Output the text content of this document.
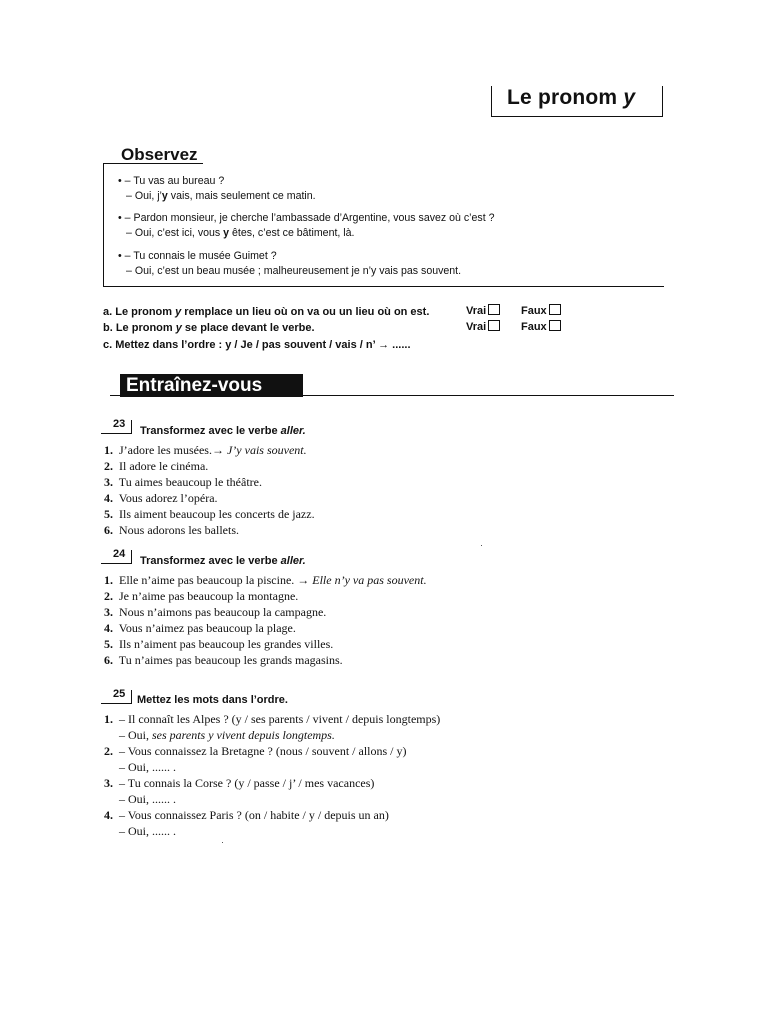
Le pronom y
Observez
• – Tu vas au bureau ?
– Oui, j’y vais, mais seulement ce matin.
• – Pardon monsieur, je cherche l’ambassade d’Argentine, vous savez où c’est ?
– Oui, c’est ici, vous y êtes, c’est ce bâtiment, là.
• – Tu connais le musée Guimet ?
– Oui, c’est un beau musée ; malheureusement je n’y vais pas souvent.
a. Le pronom y remplace un lieu où on va ou un lieu où on est.	Vrai	Faux
b. Le pronom y se place devant le verbe.	Vrai	Faux
c. Mettez dans l’ordre : y / Je / pas souvent / vais / n’ → ......
Entraînez-vous
23
Transformez avec le verbe aller.
1. J’adore les musées.→ J’y vais souvent.
2. Il adore le cinéma.
3. Tu aimes beaucoup le théâtre.
4. Vous adorez l’opéra.
5. Ils aiment beaucoup les concerts de jazz.
6. Nous adorons les ballets.
24
Transformez avec le verbe aller.
1. Elle n’aime pas beaucoup la piscine. → Elle n’y va pas souvent.
2. Je n’aime pas beaucoup la montagne.
3. Nous n’aimons pas beaucoup la campagne.
4. Vous n’aimez pas beaucoup la plage.
5. Ils n’aiment pas beaucoup les grandes villes.
6. Tu n’aimes pas beaucoup les grands magasins.
25 Mettez les mots dans l’ordre.
1. – Il connaît les Alpes ? (y / ses parents / vivent / depuis longtemps)
– Oui, ses parents y vivent depuis longtemps.
2. – Vous connaissez la Bretagne ? (nous / souvent / allons / y)
– Oui, ...... .
3. – Tu connais la Corse ? (y / passe / j’ / mes vacances)
– Oui, ...... .
4. – Vous connaissez Paris ? (on / habite / y / depuis un an)
– Oui, ...... .
